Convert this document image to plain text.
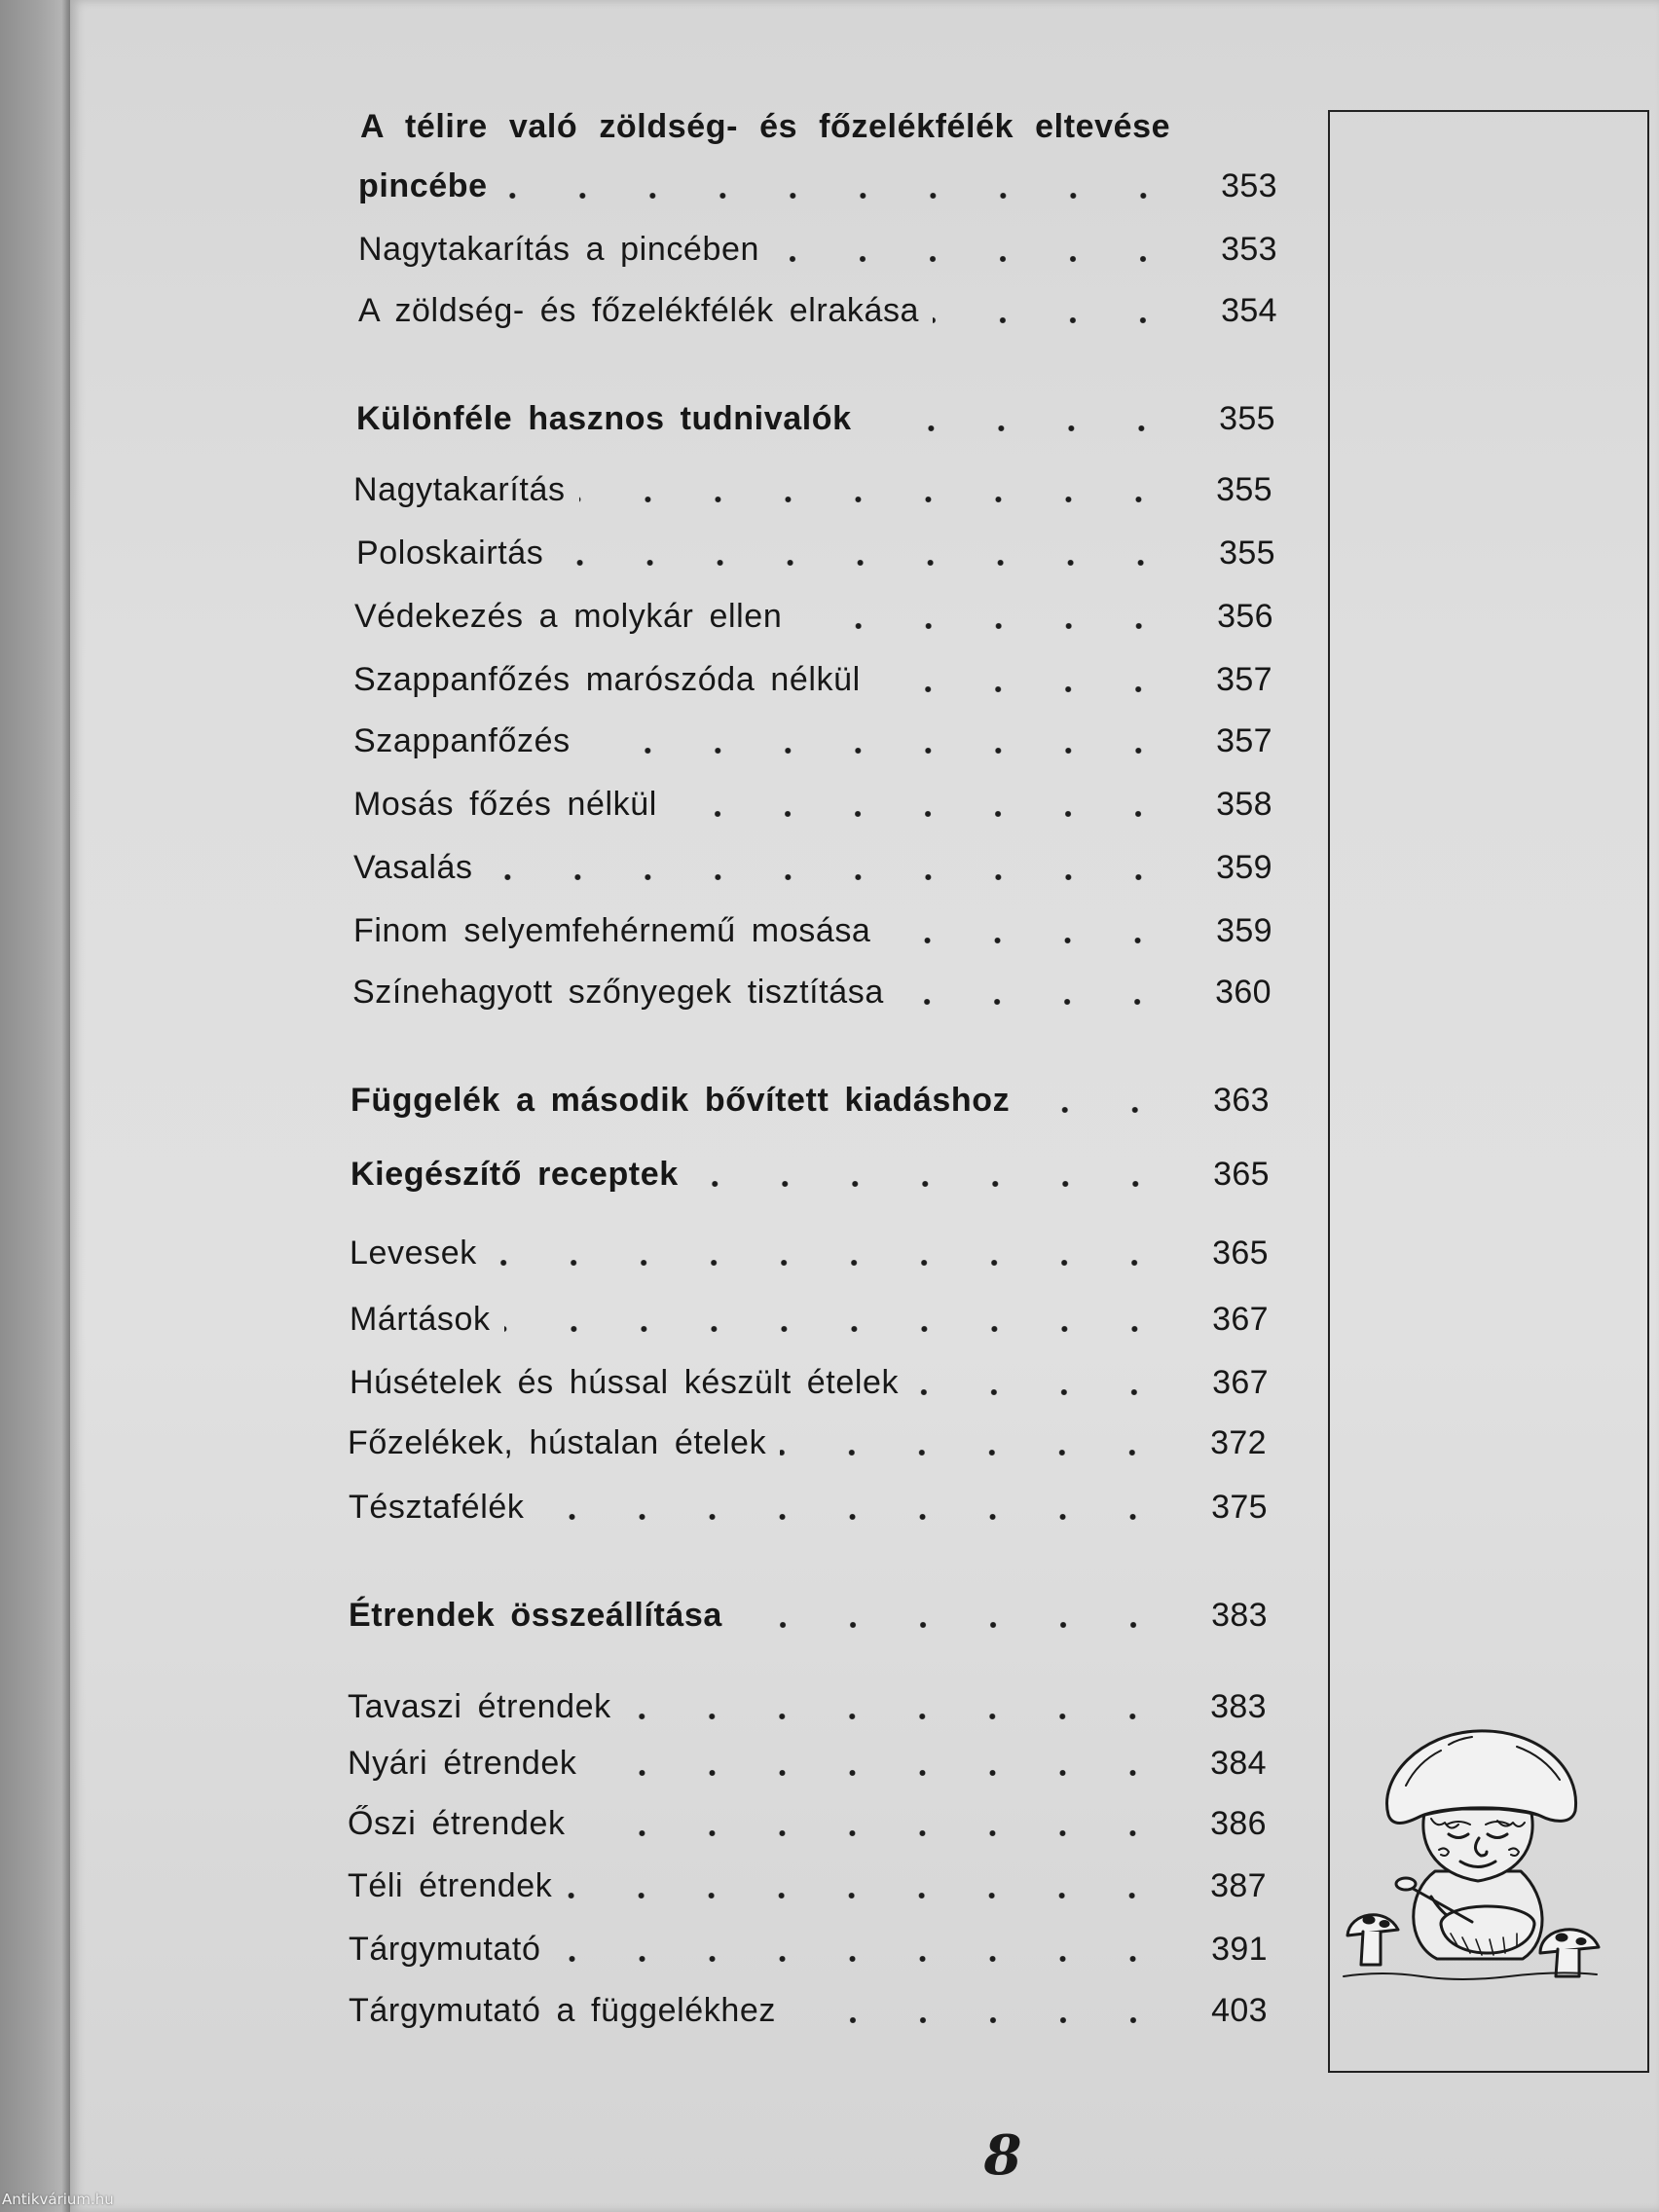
A télire való zöldség- és főzelékfélék eltevése
pincébe	353
Nagytakarítás a pincében	353
A zöldség- és főzelékfélék elrakása	354
Különféle hasznos tudnivalók	355
Nagytakarítás	355
Poloskairtás	355
Védekezés a molykár ellen	356
Szappanfőzés marószóda nélkül	357
Szappanfőzés	357
Mosás főzés nélkül	358
Vasalás	359
Finom selyemfehérnemű mosása	359
Színehagyott szőnyegek tisztítása	360
Függelék a második bővített kiadáshoz	363
Kiegészítő receptek	365
Levesek	365
Mártások	367
Húsételek és hússal készült ételek	367
Főzelékek, hústalan ételek	372
Tésztafélék	375
Étrendek összeállítása	383
Tavaszi étrendek	383
Nyári étrendek	384
Őszi étrendek	386
Téli étrendek	387
Tárgymutató	391
Tárgymutató a függelékhez	403
8
Antikvárium.hu
